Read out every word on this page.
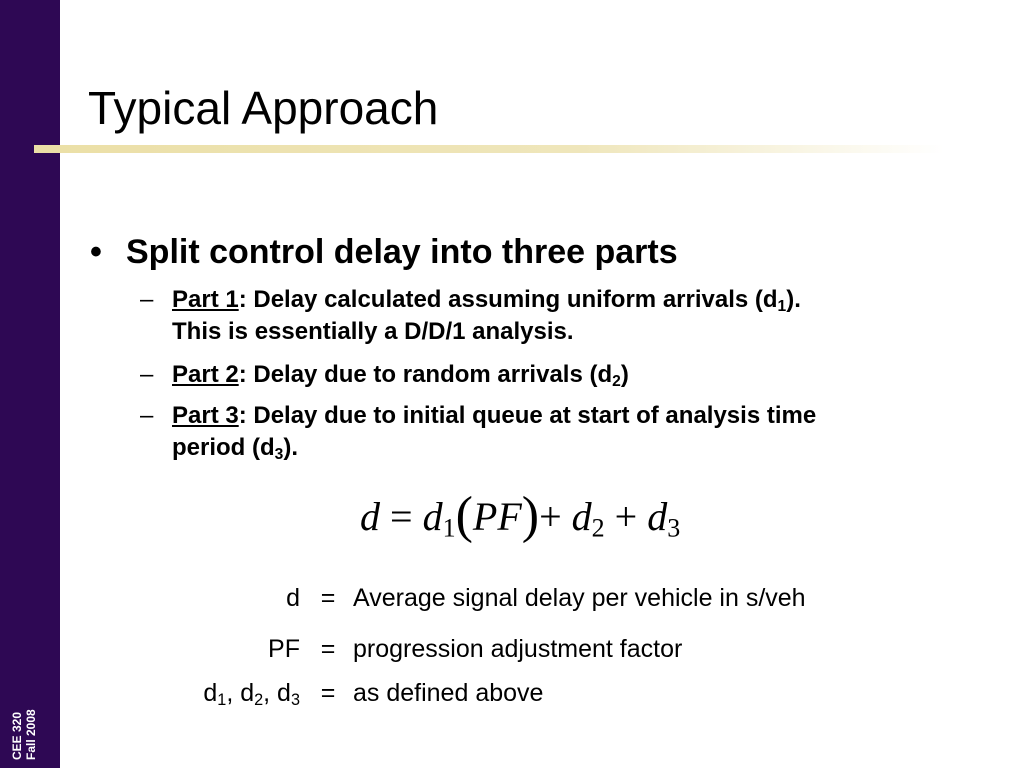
CEE 320 Fall 2008
Typical Approach
• Split control delay into three parts
– Part 1: Delay calculated assuming uniform arrivals $(d_1)$.
This is essentially a D/D/1 analysis.
– Part 2: Delay due to random arrivals $(d_2)$
– Part 3: Delay due to initial queue at start of analysis time
period $(d_3)$.
$d = d_1(PF)+ d_2 + d_3$
d = Average signal delay per vehicle in s/veh
PF = progression adjustment factor
$d_1$, $d_2$, $d_3$ = as defined above
